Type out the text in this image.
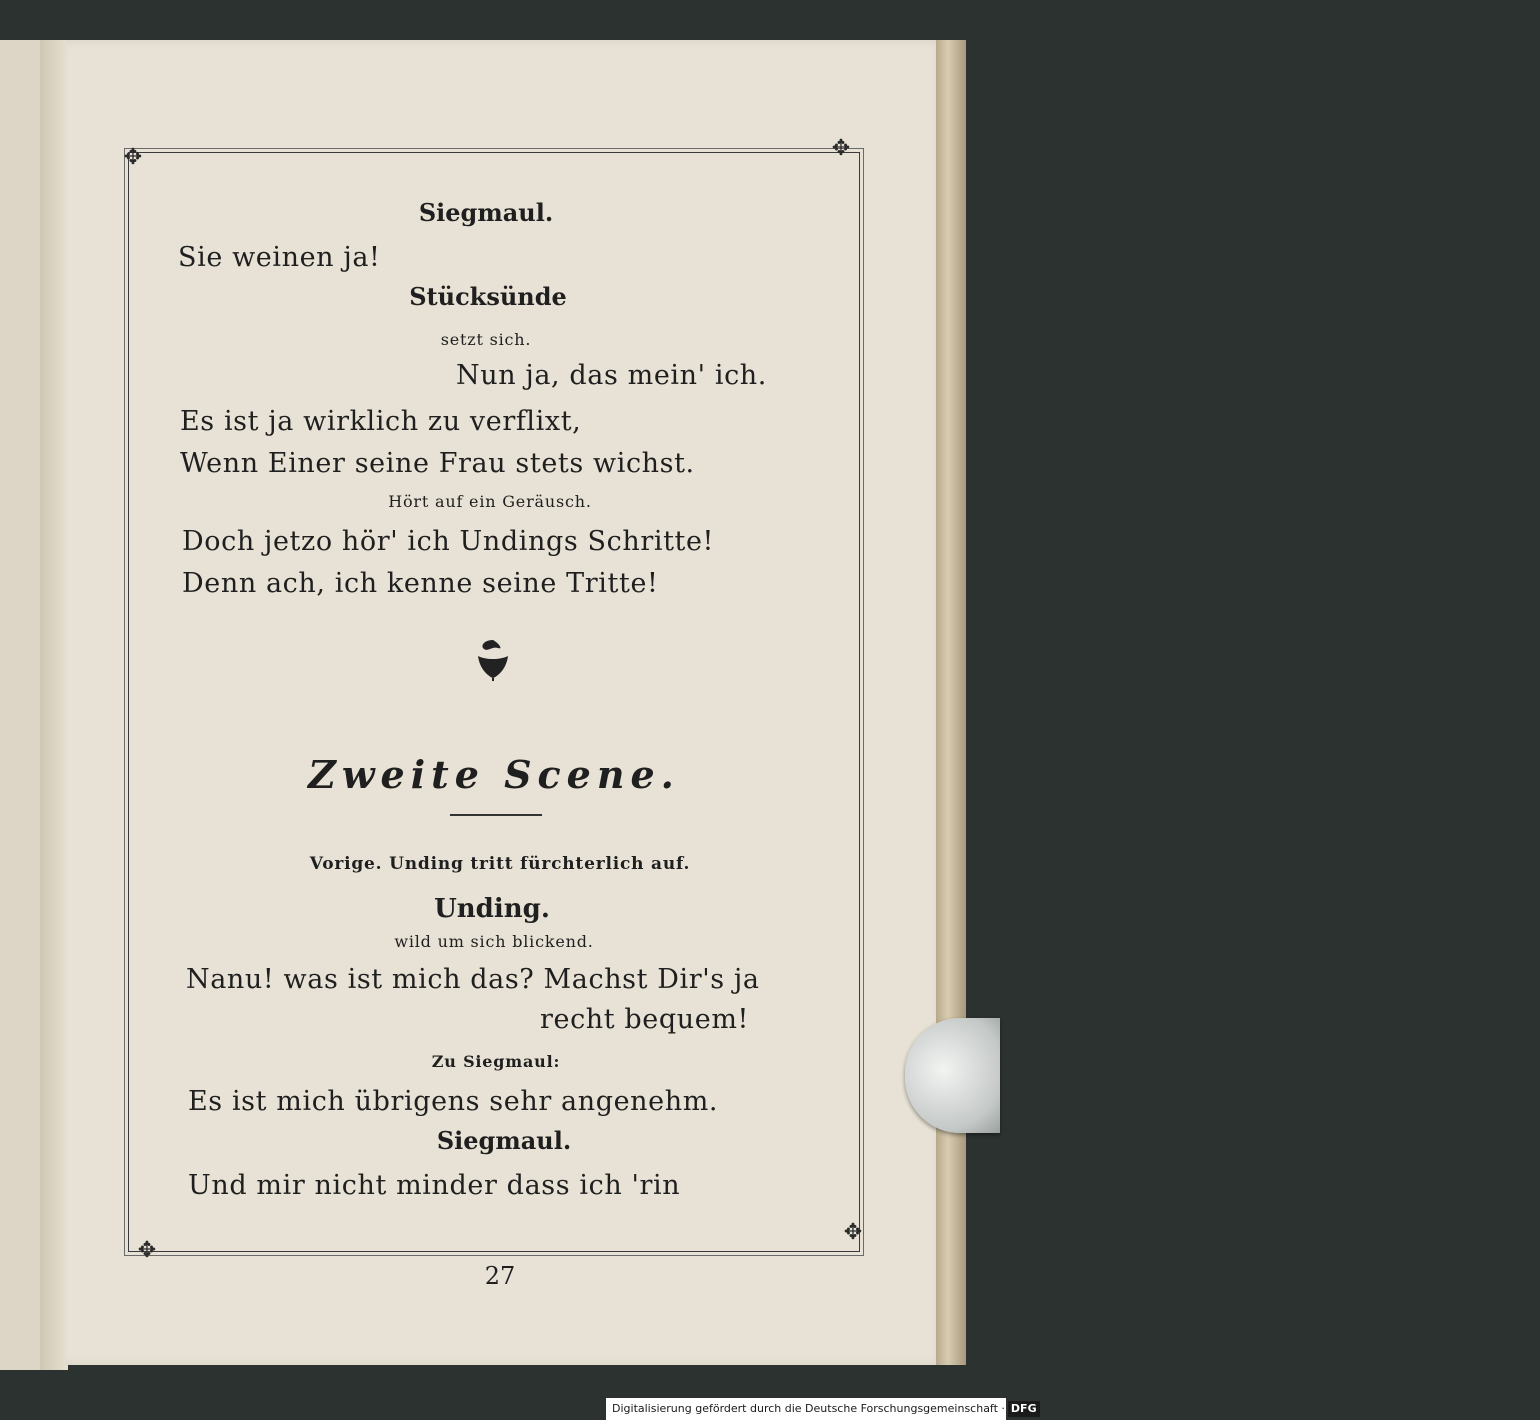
✥	✥
✥
✥
Siegmaul.
Sie weinen ja!
Stücksünde
setzt sich.
Nun ja, das mein' ich.
Es ist ja wirklich zu verflixt,
Wenn Einer seine Frau stets wichst.
Hört auf ein Geräusch.
Doch jetzo hör' ich Undings Schritte!
Denn ach, ich kenne seine Tritte!
Zweite Scene.
Vorige. Unding tritt fürchterlich auf.
Unding.
wild um sich blickend.
Nanu! was ist mich das? Machst Dir's ja
recht bequem!
Zu Siegmaul:
Es ist mich übrigens sehr angenehm.
Siegmaul.
Und mir nicht minder dass ich 'rin
27
Digitalisierung gefördert durch die Deutsche Forschungsgemeinschaft · DFG
